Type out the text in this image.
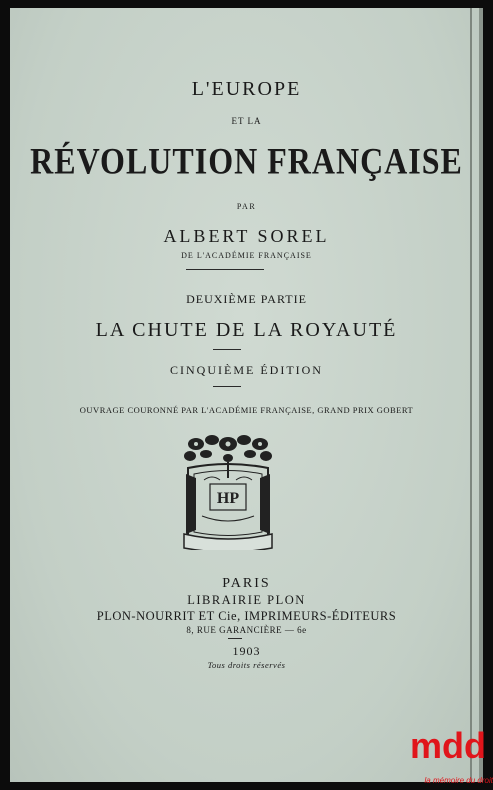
L'EUROPE
ET LA
RÉVOLUTION FRANÇAISE
PAR
ALBERT SOREL
DE L'ACADÉMIE FRANÇAISE
DEUXIÈME PARTIE
LA CHUTE DE LA ROYAUTÉ
CINQUIÈME ÉDITION
OUVRAGE COURONNÉ PAR L'ACADÉMIE FRANÇAISE, GRAND PRIX GOBERT
HP
PARIS
LIBRAIRIE PLON
PLON-NOURRIT ET Cie, IMPRIMEURS-ÉDITEURS
8, RUE GARANCIÈRE — 6e
1903
Tous droits réservés
mdd
la mémoire du droit
